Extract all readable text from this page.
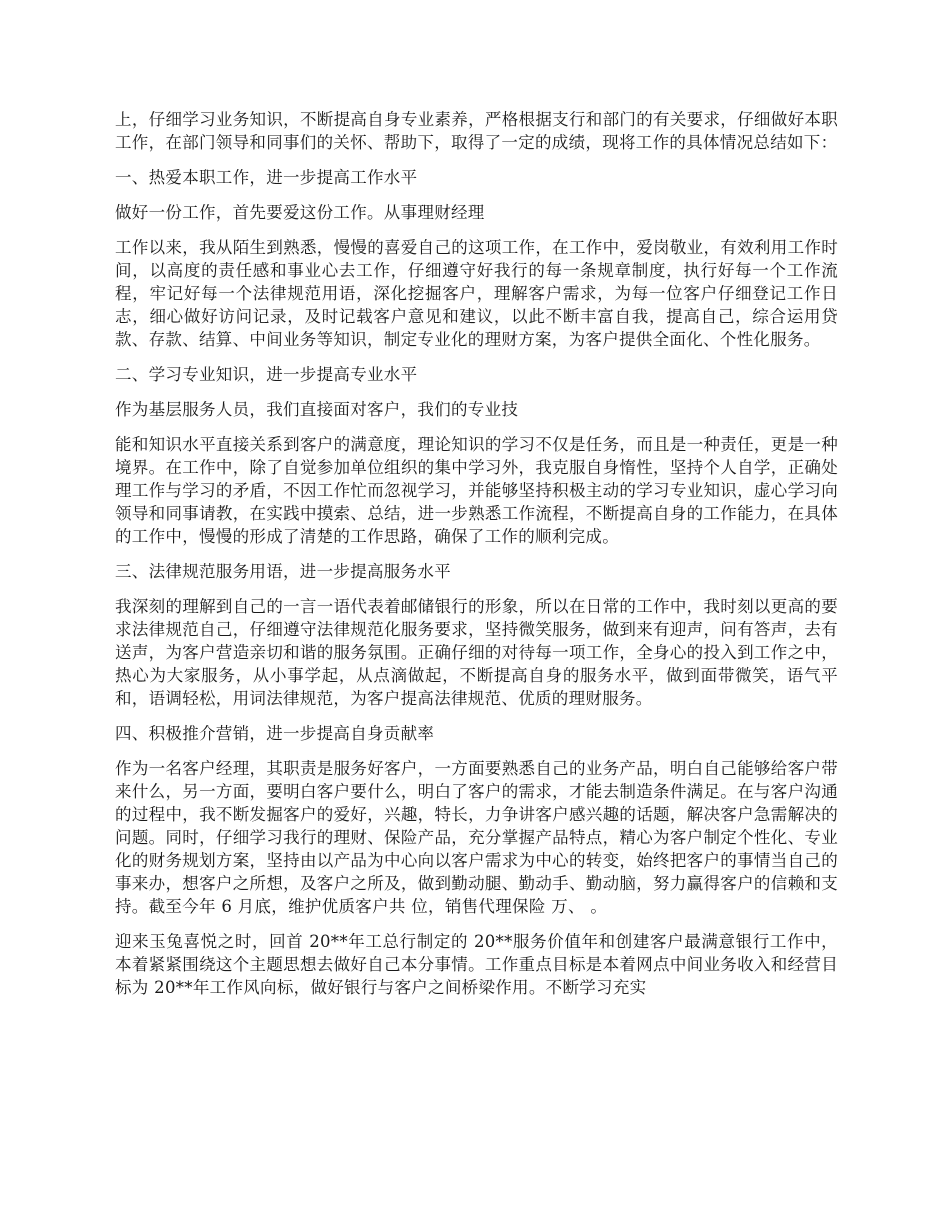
上，仔细学习业务知识，不断提高自身专业素养，严格根据支行和部门的有关要求，仔细做好本职工作，在部门领导和同事们的关怀、帮助下，取得了一定的成绩，现将工作的具体情况总结如下：

一、热爱本职工作，进一步提高工作水平

做好一份工作，首先要爱这份工作。从事理财经理

工作以来，我从陌生到熟悉，慢慢的喜爱自己的这项工作，在工作中，爱岗敬业，有效利用工作时间，以高度的责任感和事业心去工作，仔细遵守好我行的每一条规章制度，执行好每一个工作流程，牢记好每一个法律规范用语，深化挖掘客户，理解客户需求，为每一位客户仔细登记工作日志，细心做好访问记录，及时记载客户意见和建议，以此不断丰富自我，提高自己，综合运用贷款、存款、结算、中间业务等知识，制定专业化的理财方案，为客户提供全面化、个性化服务。

二、学习专业知识，进一步提高专业水平

作为基层服务人员，我们直接面对客户，我们的专业技

能和知识水平直接关系到客户的满意度，理论知识的学习不仅是任务，而且是一种责任，更是一种境界。在工作中，除了自觉参加单位组织的集中学习外，我克服自身惰性，坚持个人自学，正确处理工作与学习的矛盾，不因工作忙而忽视学习，并能够坚持积极主动的学习专业知识，虚心学习向领导和同事请教，在实践中摸索、总结，进一步熟悉工作流程，不断提高自身的工作能力，在具体的工作中，慢慢的形成了清楚的工作思路，确保了工作的顺利完成。

三、法律规范服务用语，进一步提高服务水平

我深刻的理解到自己的一言一语代表着邮储银行的形象，所以在日常的工作中，我时刻以更高的要求法律规范自己，仔细遵守法律规范化服务要求，坚持微笑服务，做到来有迎声，问有答声，去有送声，为客户营造亲切和谐的服务氛围。正确仔细的对待每一项工作，全身心的投入到工作之中，热心为大家服务，从小事学起，从点滴做起，不断提高自身的服务水平，做到面带微笑，语气平和，语调轻松，用词法律规范，为客户提高法律规范、优质的理财服务。

四、积极推介营销，进一步提高自身贡献率

作为一名客户经理，其职责是服务好客户，一方面要熟悉自己的业务产品，明白自己能够给客户带来什么，另一方面，要明白客户要什么，明白了客户的需求，才能去制造条件满足。在与客户沟通的过程中，我不断发掘客户的爱好，兴趣，特长，力争讲客户感兴趣的话题，解决客户急需解决的问题。同时，仔细学习我行的理财、保险产品，充分掌握产品特点，精心为客户制定个性化、专业化的财务规划方案，坚持由以产品为中心向以客户需求为中心的转变，始终把客户的事情当自己的事来办，想客户之所想，及客户之所及，做到勤动腿、勤动手、勤动脑，努力赢得客户的信赖和支持。截至今年 6 月底，维护优质客户共 位，销售代理保险 万、 。

迎来玉兔喜悦之时，回首 20**年工总行制定的 20**服务价值年和创建客户最满意银行工作中，本着紧紧围绕这个主题思想去做好自己本分事情。工作重点目标是本着网点中间业务收入和经营目标为 20**年工作风向标，做好银行与客户之间桥梁作用。不断学习充实
